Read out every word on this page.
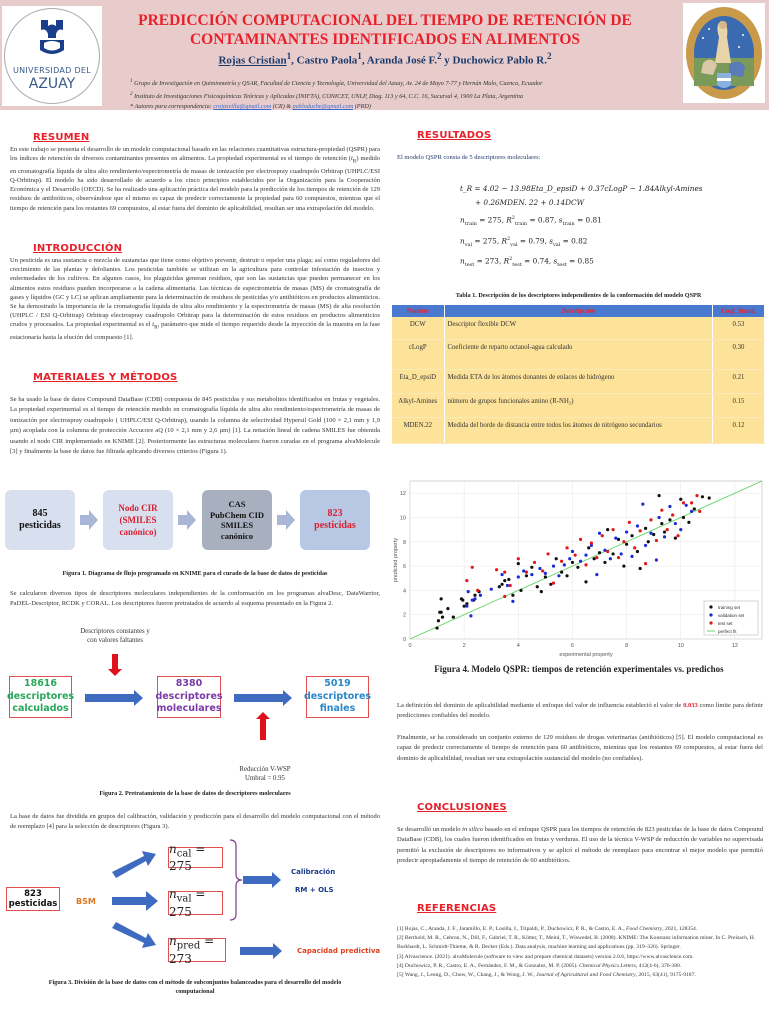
UNIVERSIDAD DEL
AZUAY
PREDICCIÓN COMPUTACIONAL DEL TIEMPO DE RETENCIÓN DE
CONTAMINANTES IDENTIFICADOS EN ALIMENTOS
Rojas Cristian$^1$, Castro Paola$^1$, Aranda José F.$^2$ y Duchowicz Pablo R.$^2$
$^1$ Grupo de Investigación en Quimiometría y QSAR, Facultad de Ciencia y Tecnología, Universidad del Azuay, Av. 24 de Mayo 7-77 y Hernán Malo, Cuenca, Ecuador
$^2$ Instituto de Investigaciones Fisicoquímicas Teóricas y Aplicadas (INIFTA), CONICET, UNLP, Diag. 113 y 64, C.C. 16, Sucursal 4, 1900 La Plata, Argentina
* Autores para correspondencia: crojasvilla@gmail.com (CR) & pabloduche@gmail.com (PRD)
RESUMEN
En este trabajo se presenta el desarrollo de un modelo computacional basado en las relaciones cuantitativas estructura-propiedad (QSPR) para los índices de retención de diversos contaminantes presentes en alimentos. La propiedad experimental es el tiempo de retención $(t_R)$ medido en cromatografía líquida de ultra alto rendimiento/espectrometría de masas de ionización por electrospray cuadrupolo Orbitrap (UHPLC/ESI Q-Orbitrap). El modelo ha sido desarrollado de acuerdo a los cinco principios establecidos por la Organización para la Cooperación Económica y el Desarrollo (OECD). Se ha realizado una aplicación práctica del modelo para la predicción de los tiempos de retención de 129 residuos de antibióticos, observándose que el mismo es capaz de predecir correctamente la propiedad para 60 compuestos, mientras que el tiempo de retención para los restantes 69 compuestos, al estar fuera del dominio de aplicabilidad, resultan ser una extrapolación del modelo.
INTRODUCCIÓN
Un pesticida es una sustancia o mezcla de sustancias que tiene como objetivo prevenir, destruir o repeler una plaga; así como reguladores del crecimiento de las plantas y defoliantes. Los pesticidas también se utilizan en la agricultura para controlar infestación de insectos y enfermedades de los cultivos. En algunos casos, los plaguicidas generan residuos, que son las sustancias que pueden permanecer en los alimentos estos residuos pueden incorporarse a la cadena alimentaria. Las técnicas de espectrometría de masas (MS) de cromatografía de gases y líquidos (GC y LC) se aplican ampliamente para la determinación de residuos de pesticidas y/o antibióticos en productos alimenticios. Se ha demostrado la importancia de la cromatografía líquida de ultra alto rendimiento y la espectrometría de masas (MS) de alta resolución (UHPLC / ESI Q-Orbitrap) Orbitrap electrospray cuadrupolo Orbitrap para la determinación de estos residuos en productos alimenticios crudos y procesados. La propiedad experimental es el $t_R$, parámetro que mide el tiempo requerido desde la inyección de la muestra en la fase estacionaria hasta la elución del compuesto [1].
MATERIALES Y MÉTODOS
Se ha usado la base de datos Compound DataBase (CDB) compuesta de 845 pesticidas y sus metabolitos identificados en frutas y vegetales. La propiedad experimental es el tiempo de retención medido en cromatografía líquida de ultra alto rendimiento/espectrometría de masas de ionización por electrospray cuadrupolo ( UHPLC/ESI Q-Orbitrap), usando la columna de selectividad Hypersil Gold (100 × 2,1 mm y 1,9 µm) acoplada con la columna de protección Accucore aQ (10 × 2,1 mm y 2,6 µm) [1]. La notación lineal de cadena SMILES fue obtenida usando el nodo CIR implementado en KNIME [2]. Posteriormente las estructuras moleculares fueron curadas en el programa alvaMolecule [3] y finalmente la base de datos fue filtrada aplicando diversos criterios (Figura 1).
845
pesticidas
Nodo CIR
(SMILES
canónico)
CAS
PubChem CID
SMILES
canónico
823
pesticidas
Figura 1. Diagrama de flujo programado en KNIME para el curado de la base de datos de pesticidas
Se calcularon diversos tipos de descriptores moleculares independientes de la conformación en los programas alvaDesc, DataWarrior, PaDEL-Descriptor, RCDK y CORAL. Los descriptores fueron pretratados de acuerdo al esquema presentado en la Figura 2.
Descriptores constantes y
con valores faltantes
18616
descriptores
calculados
8380
descriptores
moleculares
5019
descriptores
finales
Reducción V-WSP
Umbral = 0.95
Figura 2. Pretratamiento de la base de datos de descriptores moleculares
La base de datos fue dividida en grupos del calibración, validación y predicción para el desarrollo del modelo computacional con el método de reemplazo [4] para la selección de descriptores (Figura 3).
823
pesticidas BSM
$n_{cal} = 275$
$n_{val} = 275$
$n_{pred} = 273$
Calibración
RM + OLS
Capacidad predictiva
Figura 3. División de la base de datos con el método de subconjuntos balanceados para el desarrollo del modelo
computacional
RESULTADOS
El modelo QSPR consta de 5 descriptores moleculares:
t_R = 4.02 − 13.98Eta_D_epsiD + 0.37cLogP − 1.84Alkyl-Amines
+ 0.26MDEN. 22 + 0.14DCW
$n_{train} = 275$, $R^2_{train} = 0.87$, $s_{train} = 0.81$
$n_{val} = 275$, $R^2_{val} = 0.79$, $s_{val} = 0.82$
$n_{test} = 273$, $R^2_{test} = 0.74$, $s_{test} = 0.85$
Tabla 1. Descripción de los descriptores independientes de la conformación del modelo QSPR
Nombre	Descripción	Coef. Stand.
DCW	Descriptor flexible DCW	0.53
cLogP	Coeficiente de reparto octanol-agua calculado	0.30
Eta_D_epsiD	Medida ETA de los átomos donantes de enlaces de hidrógeno	0.21
Alkyl-Amines	número de grupos funcionales amino (R-NH₂)	0.15
MDEN.22	Medida del borde de distancia entre todos los átomos de nitrógeno secundarios	0.12
0	2	4	6	8	10	12
0
2
4
6
8
10
12
experimental property
predicted property
training set
validation set
test set
perfect fit
Figura 4. Modelo QSPR: tiempos de retención experimentales vs. predichos
La definición del dominio de aplicabilidad mediante el enfoque del valor de influencia estableció el valor de 0.033 como límite para definir predicciones confiables del modelo.
Finalmente, se ha considerado un conjunto externo de 129 residuos de drogas veterinarias (antibióticos) [5]. El modelo computacional es capaz de predecir correctamente el tiempo de retención para 60 antibióticos, mientras que los restantes 69 compuestos, al estar fuera del dominio de aplicabilidad, resultan ser una extrapolación sustancial del modelo (no confiables).
CONCLUSIONES
Se desarrolló un modelo in silico basado en el enfoque QSPR para los tiempos de retención de 823 pesticidas de la base de datos Compound DataBase (CDB), los cuales fueron identificados en frutas y verduras. El uso de la técnica V-WSP de reducción de variables no supervisada permitió la exclusión de descriptores no informativos y se aplicó el método de reemplazo para encontrar el mejor modelo que permitió predecir apropiadamente el tiempo de retención de 60 antibióticos.
REFERENCIAS
[1] Rojas, C., Aranda, J. F., Jaramillo, E. P., Losilla, I., Tripaldi, P., Duchowicz, P. R., & Castro, E. A., Food Chemistry, 2021, 128354.
[2] Berthold, M. R., Cebron, N., Dill, F., Gabriel, T. R., Kötter, T., Meinl, T., Wiswedel, B. (2008). KNIME: The Konstanz information miner. In C. Preisach, H. Burkhardt, L. Schmidt-Thieme, & R. Decker (Eds.). Data analysis, machine learning and applications (pp. 319–326). Springer.
[3] Alvascience. (2021). alvaMolecule (software to view and prepare chemical datasets) version 2.0.6, https://www.alvascience.com.
[4] Duchowicz, P. R., Castro, E. A., Fernández, F. M., & Gonzalez, M. P. (2005). Chemical Physics Letters, 412(4-6), 376-380.
[5] Wang, J., Leung, D., Chow, W., Chang, J., & Wong, J. W., Journal of Agricultural and Food Chemistry, 2015, 63(41), 9175-9187.
